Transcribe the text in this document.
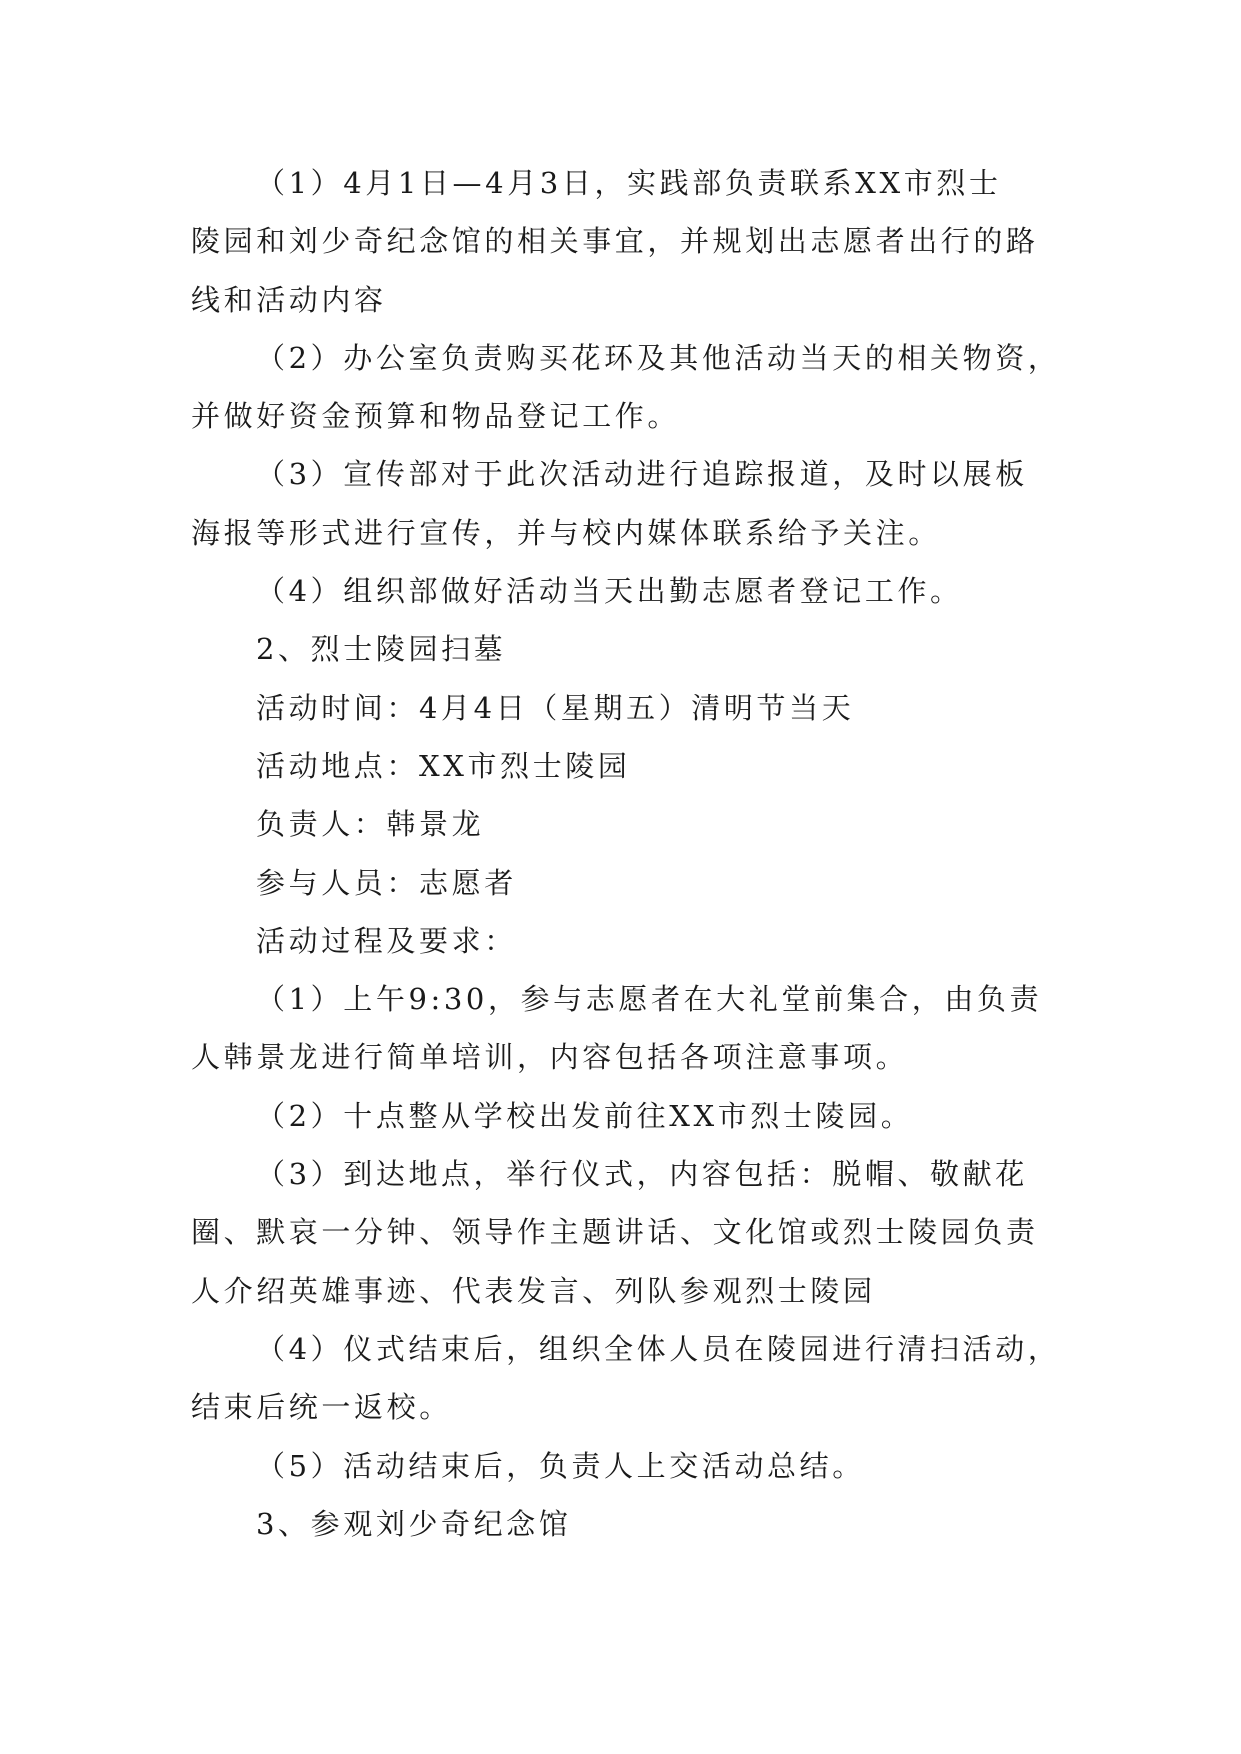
（1）4月1日—4月3日，实践部负责联系XX市烈士
陵园和刘少奇纪念馆的相关事宜，并规划出志愿者出行的路
线和活动内容
（2）办公室负责购买花环及其他活动当天的相关物资，
并做好资金预算和物品登记工作。
（3）宣传部对于此次活动进行追踪报道，及时以展板
海报等形式进行宣传，并与校内媒体联系给予关注。
（4）组织部做好活动当天出勤志愿者登记工作。
2、烈士陵园扫墓
活动时间：4月4日（星期五）清明节当天
活动地点：XX市烈士陵园
负责人：韩景龙
参与人员：志愿者
活动过程及要求：
（1）上午9:30，参与志愿者在大礼堂前集合，由负责
人韩景龙进行简单培训，内容包括各项注意事项。
（2）十点整从学校出发前往XX市烈士陵园。
（3）到达地点，举行仪式，内容包括：脱帽、敬献花
圈、默哀一分钟、领导作主题讲话、文化馆或烈士陵园负责
人介绍英雄事迹、代表发言、列队参观烈士陵园
（4）仪式结束后，组织全体人员在陵园进行清扫活动，
结束后统一返校。
（5）活动结束后，负责人上交活动总结。
3、参观刘少奇纪念馆
